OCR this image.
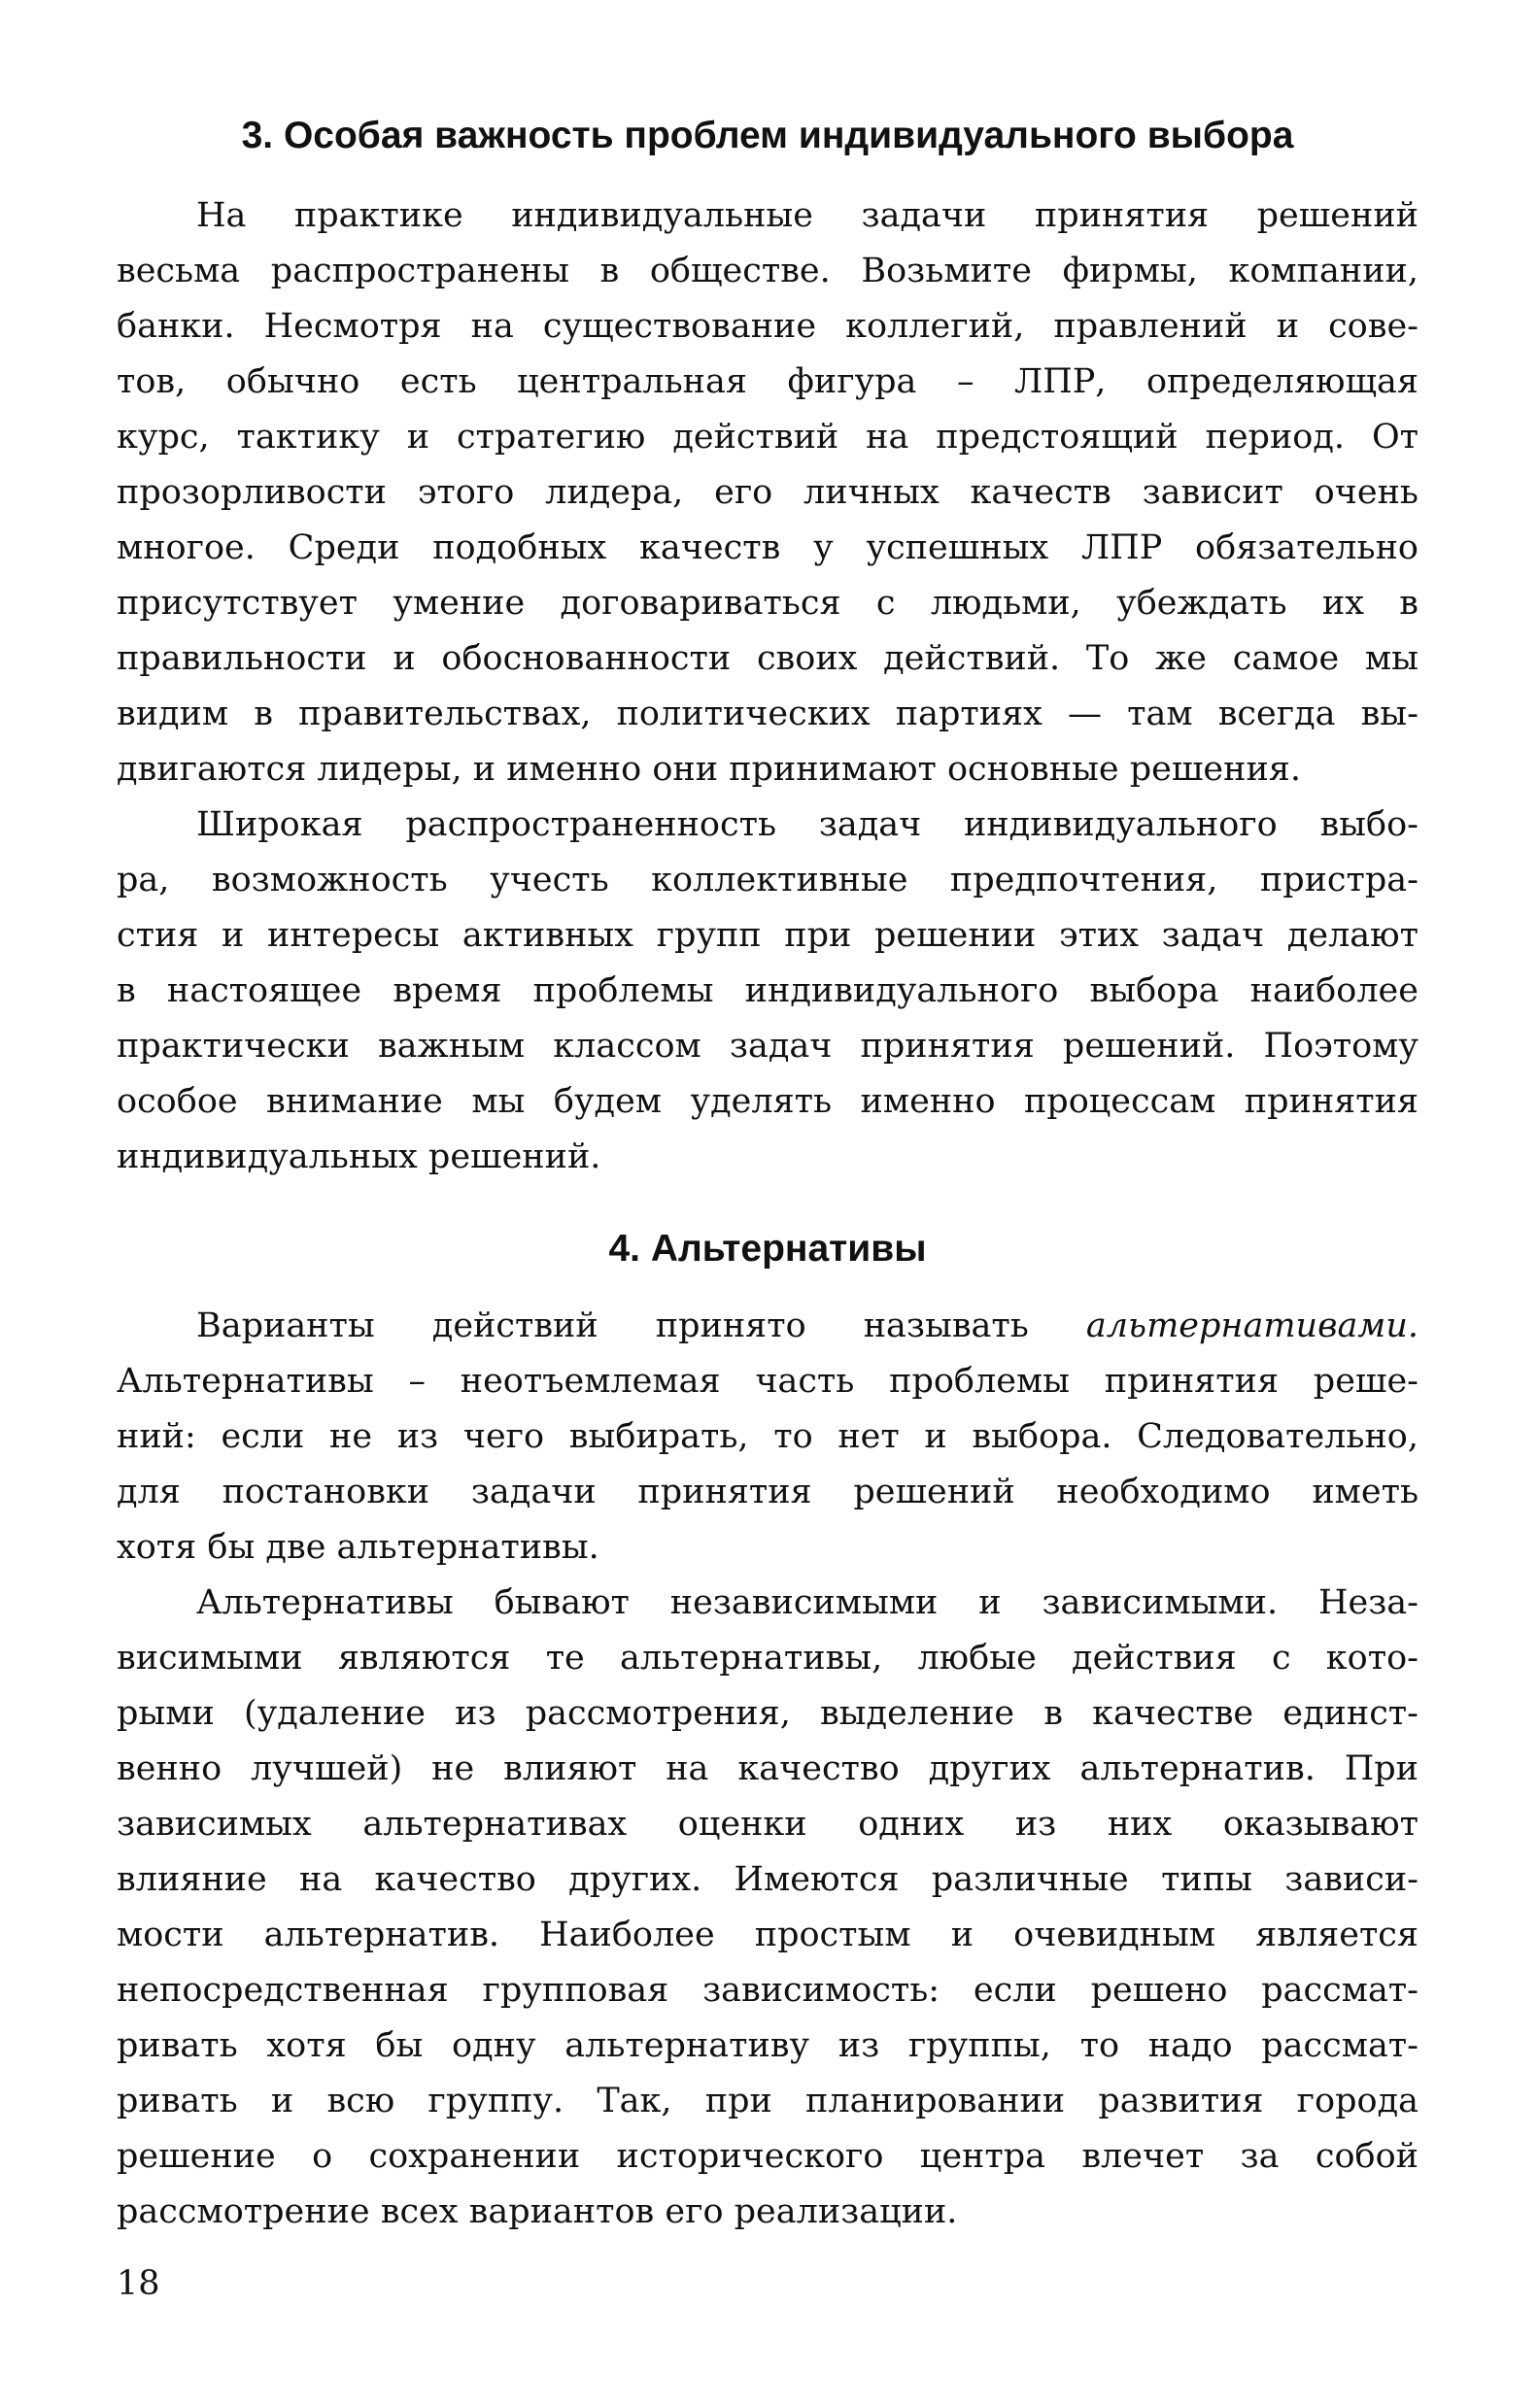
3. Особая важность проблем индивидуального выбора
На практике индивидуальные задачи принятия решений
весьма распространены в обществе. Возьмите фирмы, компании,
банки. Несмотря на существование коллегий, правлений и сове-
тов, обычно есть центральная фигура – ЛПР, определяющая
курс, тактику и стратегию действий на предстоящий период. От
прозорливости этого лидера, его личных качеств зависит очень
многое. Среди подобных качеств у успешных ЛПР обязательно
присутствует умение договариваться с людьми, убеждать их в
правильности и обоснованности своих действий. То же самое мы
видим в правительствах, политических партиях — там всегда вы-
двигаются лидеры, и именно они принимают основные решения.
Широкая распространенность задач индивидуального выбо-
ра, возможность учесть коллективные предпочтения, пристра-
стия и интересы активных групп при решении этих задач делают
в настоящее время проблемы индивидуального выбора наиболее
практически важным классом задач принятия решений. Поэтому
особое внимание мы будем уделять именно процессам принятия
индивидуальных решений.
4. Альтернативы
Варианты действий принято называть альтернативами.
Альтернативы – неотъемлемая часть проблемы принятия реше-
ний: если не из чего выбирать, то нет и выбора. Следовательно,
для постановки задачи принятия решений необходимо иметь
хотя бы две альтернативы.
Альтернативы бывают независимыми и зависимыми. Неза-
висимыми являются те альтернативы, любые действия с кото-
рыми (удаление из рассмотрения, выделение в качестве единст-
венно лучшей) не влияют на качество других альтернатив. При
зависимых альтернативах оценки одних из них оказывают
влияние на качество других. Имеются различные типы зависи-
мости альтернатив. Наиболее простым и очевидным является
непосредственная групповая зависимость: если решено рассмат-
ривать хотя бы одну альтернативу из группы, то надо рассмат-
ривать и всю группу. Так, при планировании развития города
решение о сохранении исторического центра влечет за собой
рассмотрение всех вариантов его реализации.
18
